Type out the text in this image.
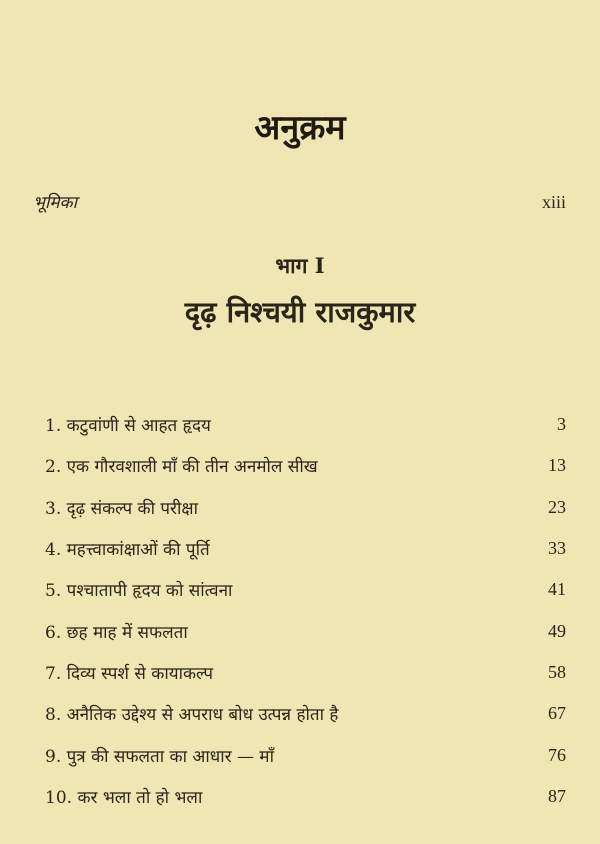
अनुक्रम
भूमिका	xiii
भाग I
दृढ़ निश्चयी राजकुमार
1. कटुवांणी से आहत हृदय	3
2. एक गौरवशाली माँ की तीन अनमोल सीख	13
3. दृढ़ संकल्प की परीक्षा	23
4. महत्त्वाकांक्षाओं की पूर्ति	33
5. पश्चातापी हृदय को सांत्वना	41
6. छह माह में सफलता	49
7. दिव्य स्पर्श से कायाकल्प	58
8. अनैतिक उद्देश्य से अपराध बोध उत्पन्न होता है	67
9. पुत्र की सफलता का आधार — माँ	76
10. कर भला तो हो भला	87
